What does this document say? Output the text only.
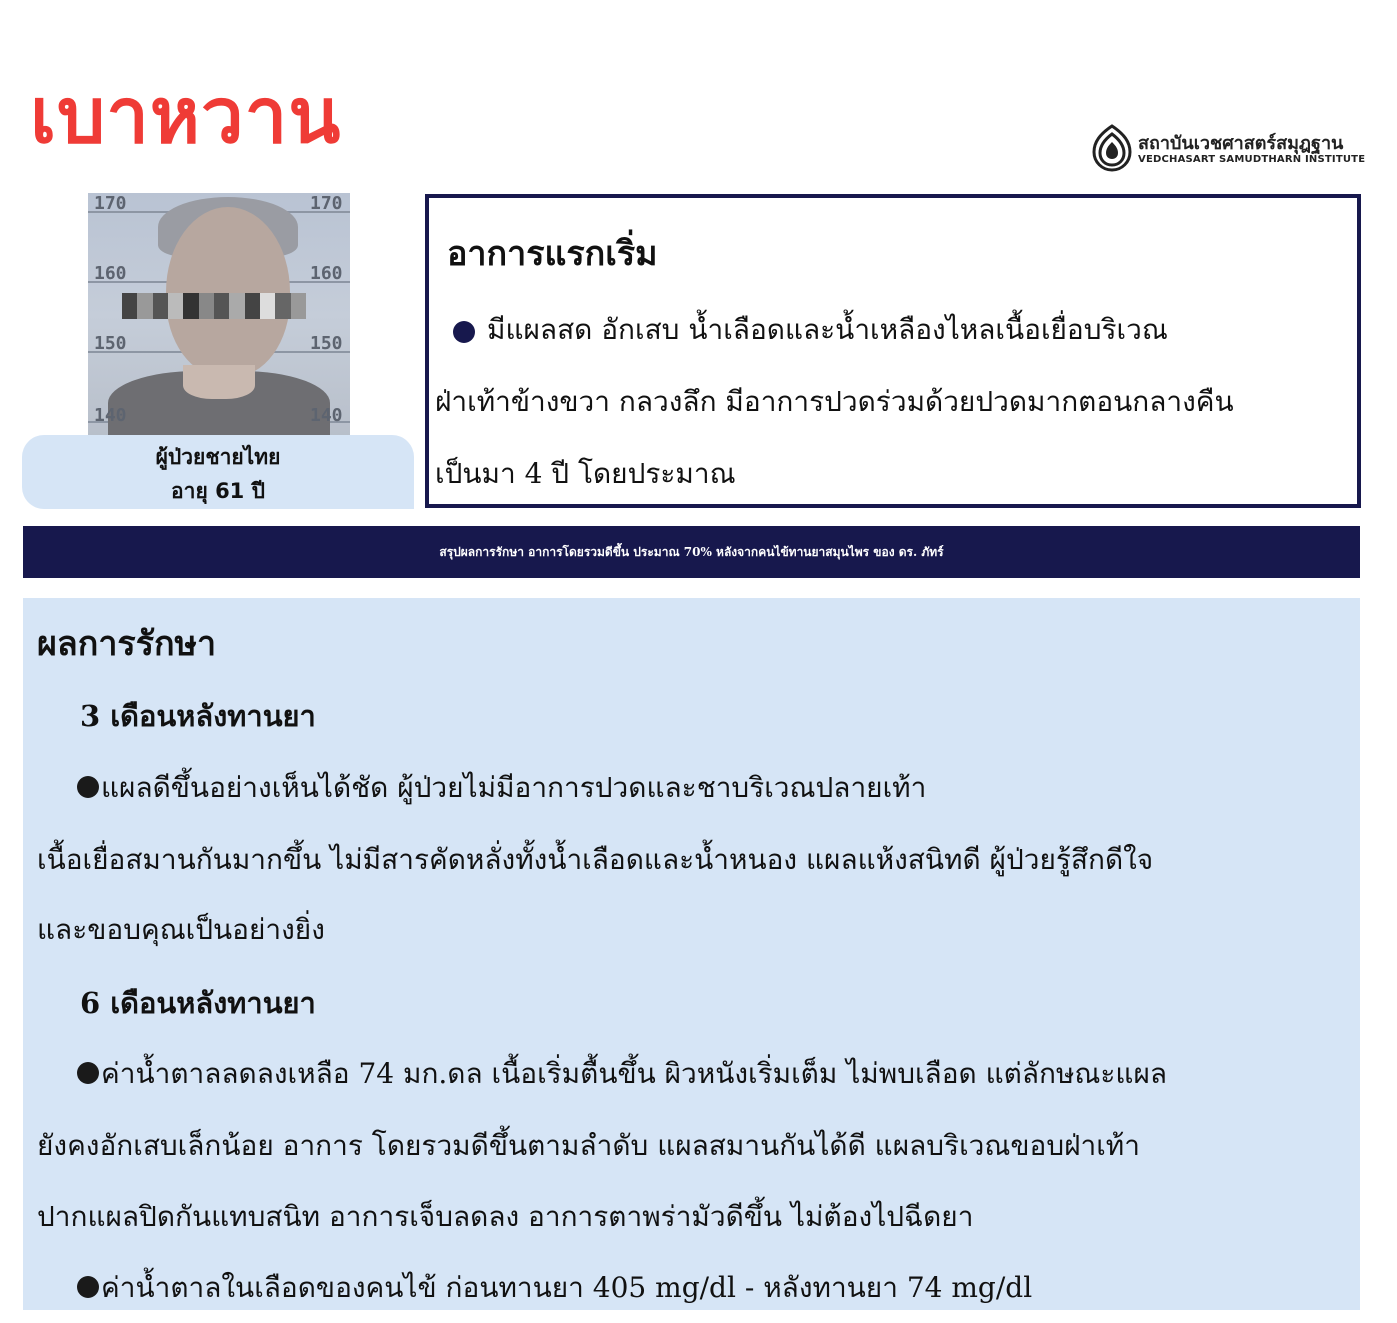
เบาหวาน	สถาบันเวชศาสตร์สมุฎฐาน
VEDCHASART SAMUDTHARN INSTITUTE
170	170
160	160
150	150
140	140
ผู้ป่วยชายไทย
อายุ 61 ปี
อาการแรกเริ่ม
มีแผลสด อักเสบ น้ำเลือดและน้ำเหลืองไหลเนื้อเยื่อบริเวณ
ฝ่าเท้าข้างขวา กลวงลึก มีอาการปวดร่วมด้วยปวดมากตอนกลางคืน
เป็นมา 4 ปี โดยประมาณ
สรุปผลการรักษา อาการโดยรวมดีขึ้น ประมาณ 70% หลังจากคนไข้ทานยาสมุนไพร ของ ดร. ภัทร์
ผลการรักษา
3 เดือนหลังทานยา
แผลดีขึ้นอย่างเห็นได้ชัด ผู้ป่วยไม่มีอาการปวดและชาบริเวณปลายเท้า
เนื้อเยื่อสมานกันมากขึ้น ไม่มีสารคัดหลั่งทั้งน้ำเลือดและน้ำหนอง แผลแห้งสนิทดี ผู้ป่วยรู้สึกดีใจ
และขอบคุณเป็นอย่างยิ่ง
6 เดือนหลังทานยา
ค่าน้ำตาลลดลงเหลือ 74 มก.ดล เนื้อเริ่มตื้นขึ้น ผิวหนังเริ่มเต็ม ไม่พบเลือด แต่ลักษณะแผล
ยังคงอักเสบเล็กน้อย อาการ โดยรวมดีขึ้นตามลำดับ แผลสมานกันได้ดี แผลบริเวณขอบฝ่าเท้า
ปากแผลปิดกันแทบสนิท อาการเจ็บลดลง อาการตาพร่ามัวดีขึ้น ไม่ต้องไปฉีดยา
ค่าน้ำตาลในเลือดของคนไข้ ก่อนทานยา 405 mg/dl - หลังทานยา 74 mg/dl
